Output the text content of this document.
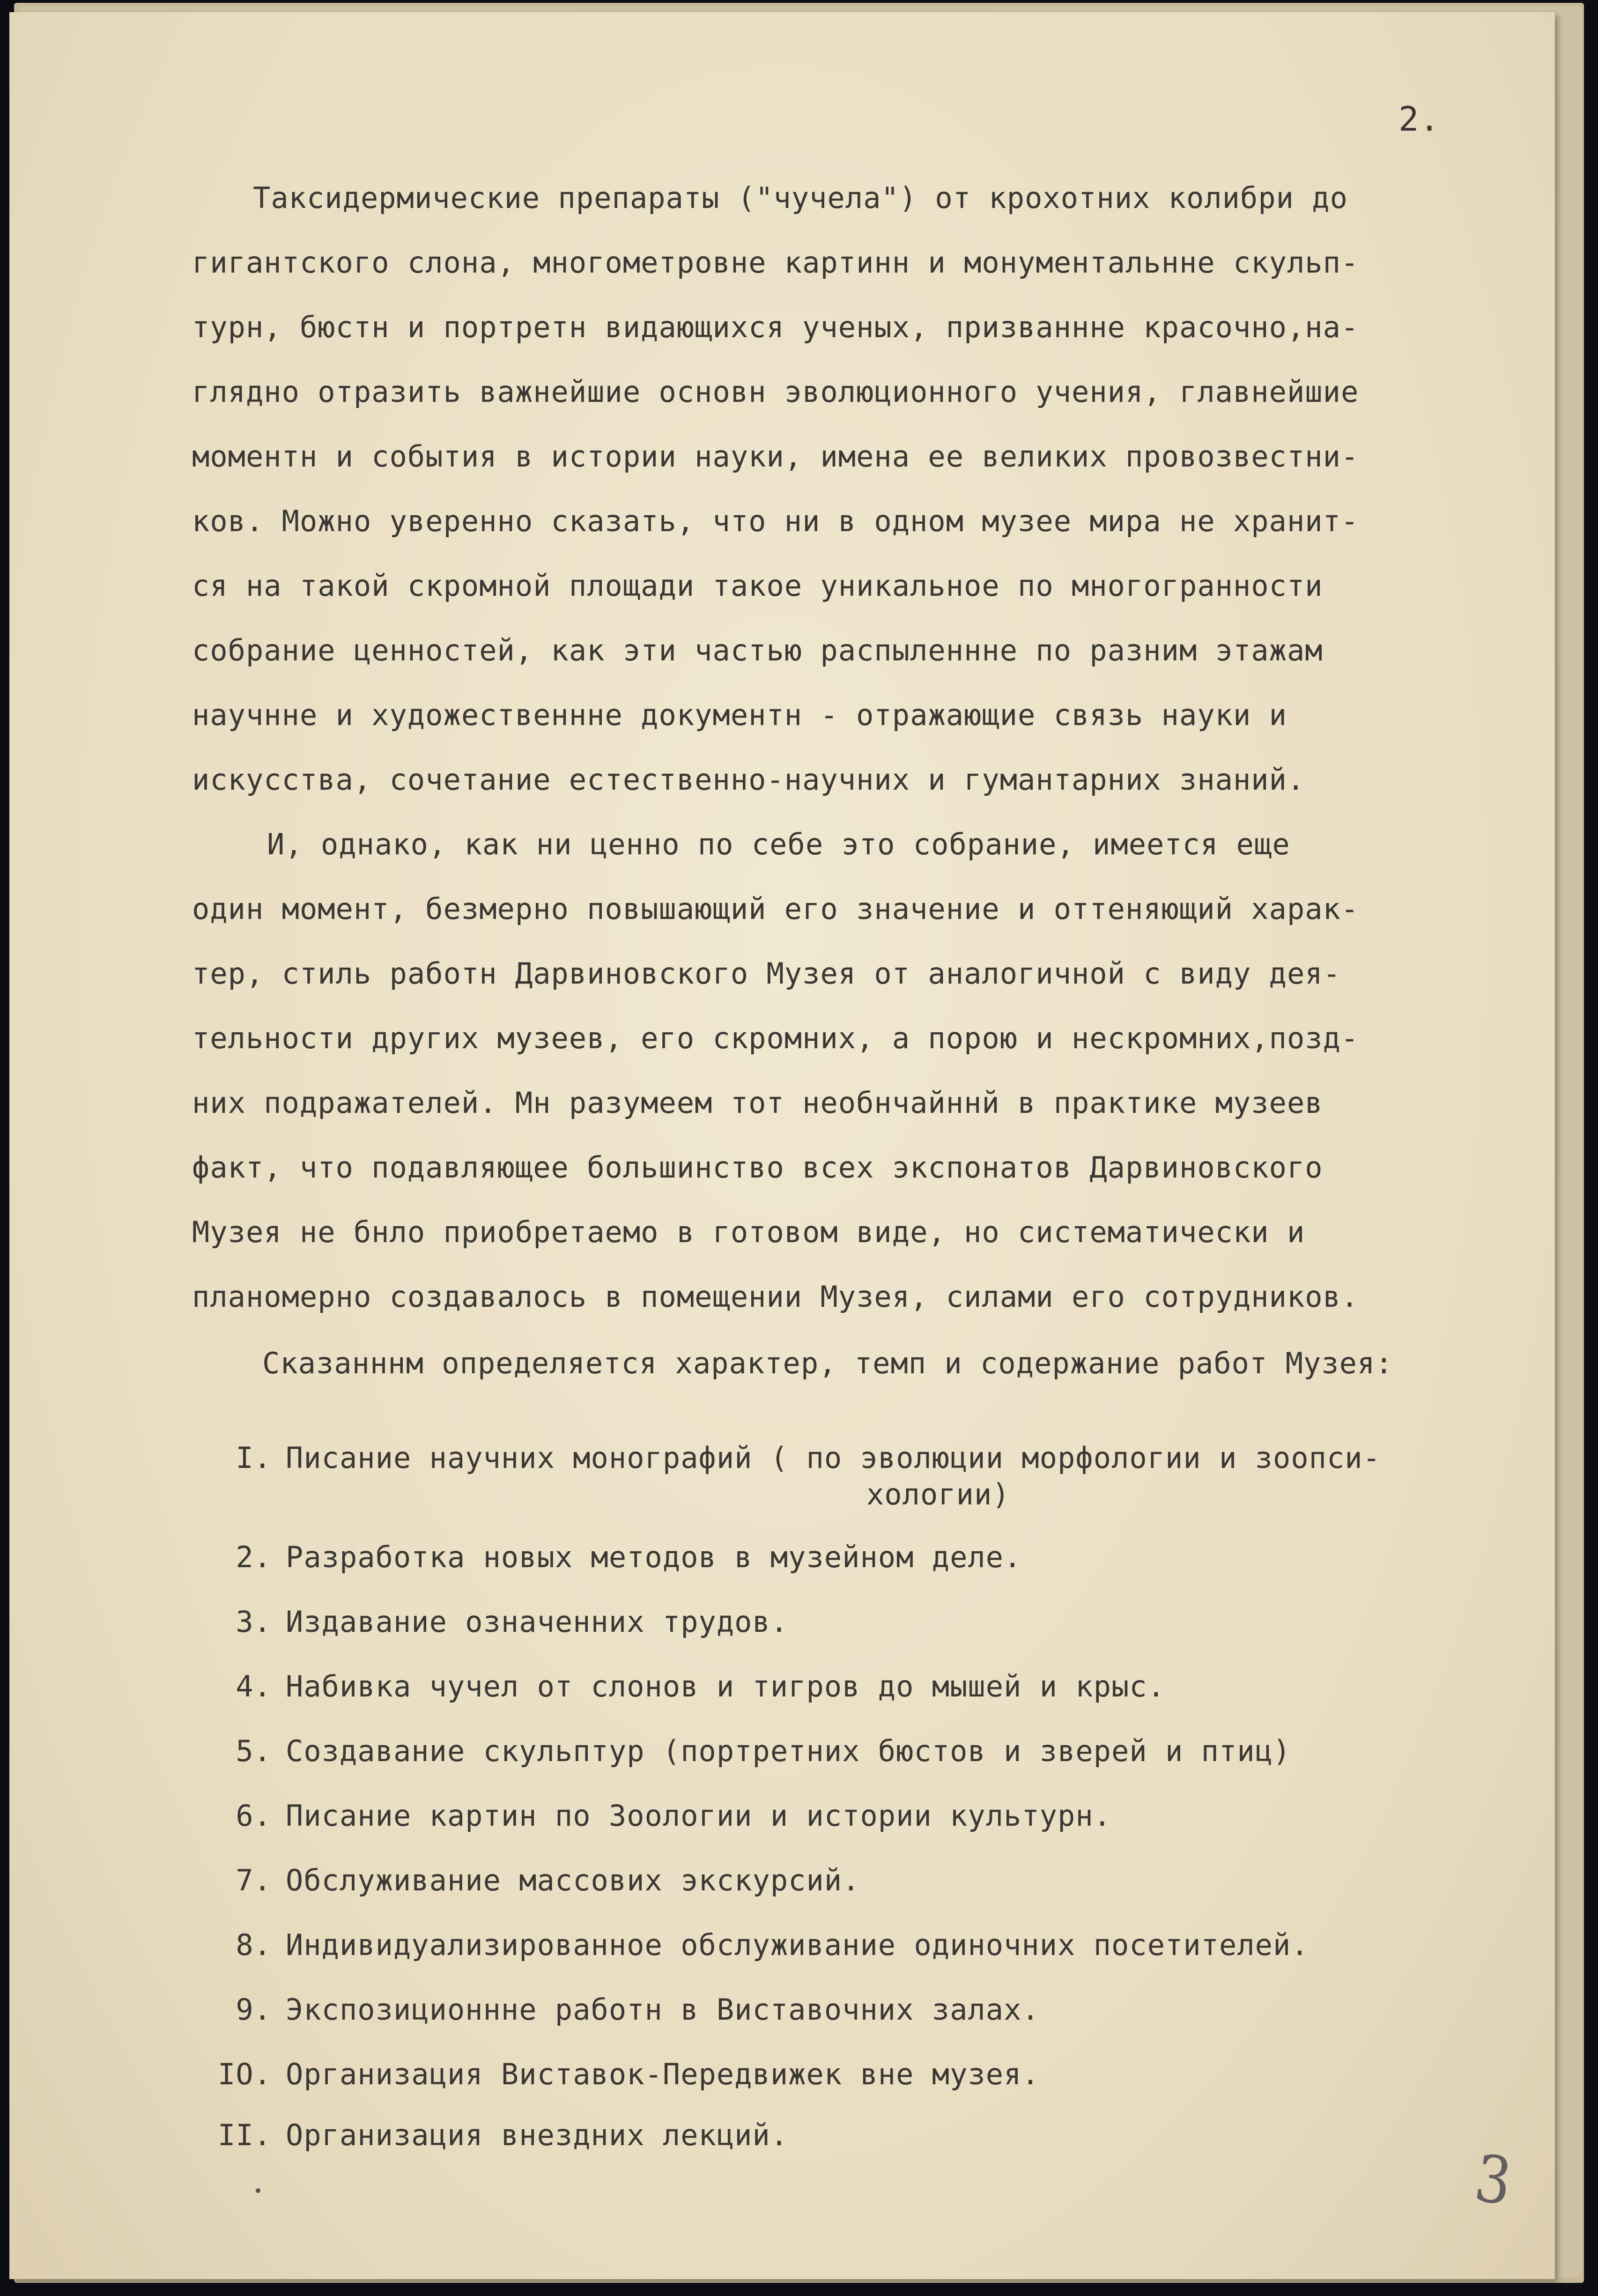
2.
Таксидермические препараты ("чучела") от крохотних колибри до
гигантского слона, многометровне картинн и монументальнне скульп-
турн, бюстн и портретн видающихся ученых, призваннне красочно,на-
глядно отразить важнейшие основн эволюционного учения, главнейшие
моментн и события в истории науки, имена ее великих провозвестни-
ков. Можно уверенно сказать, что ни в одном музее мира не хранит-
ся на такой скромной площади такое уникальное по многогранности
собрание ценностей, как эти частью распыленнне по разним этажам
научнне и художественнне документн - отражающие связь науки и
искусства, сочетание естественно-научних и гумантарних знаний.
И, однако, как ни ценно по себе это собрание, имеется еще
один момент, безмерно повышающий его значение и оттеняющий харак-
тер, стиль работн Дарвиновского Музея от аналогичной с виду дея-
тельности других музеев, его скромних, а порою и нескромних,позд-
них подражателей. Мн разумеем тот необнчайннй в практике музеев
факт, что подавляющее большинство всех экспонатов Дарвиновского
Музея не бнло приобретаемо в готовом виде, но систематически и
планомерно создавалось в помещении Музея, силами его сотрудников.
Сказанннм определяется характер, темп и содержание работ Музея:
I. Писание научних монографий ( по эволюции морфологии и зоопси-
хологии)
2. Разработка новых методов в музейном деле.
3. Издавание означенних трудов.
4. Набивка чучел от слонов и тигров до мышей и крыс.
5. Создавание скульптур (портретних бюстов и зверей и птиц)
6. Писание картин по Зоологии и истории культурн.
7. Обслуживание массових экскурсий.
8. Индивидуализированное обслуживание одиночних посетителей.
9. Экспозиционнне работн в Виставочних залах.
IO. Организация Виставок-Передвижек вне музея.
II. Организация внездних лекций.
3
